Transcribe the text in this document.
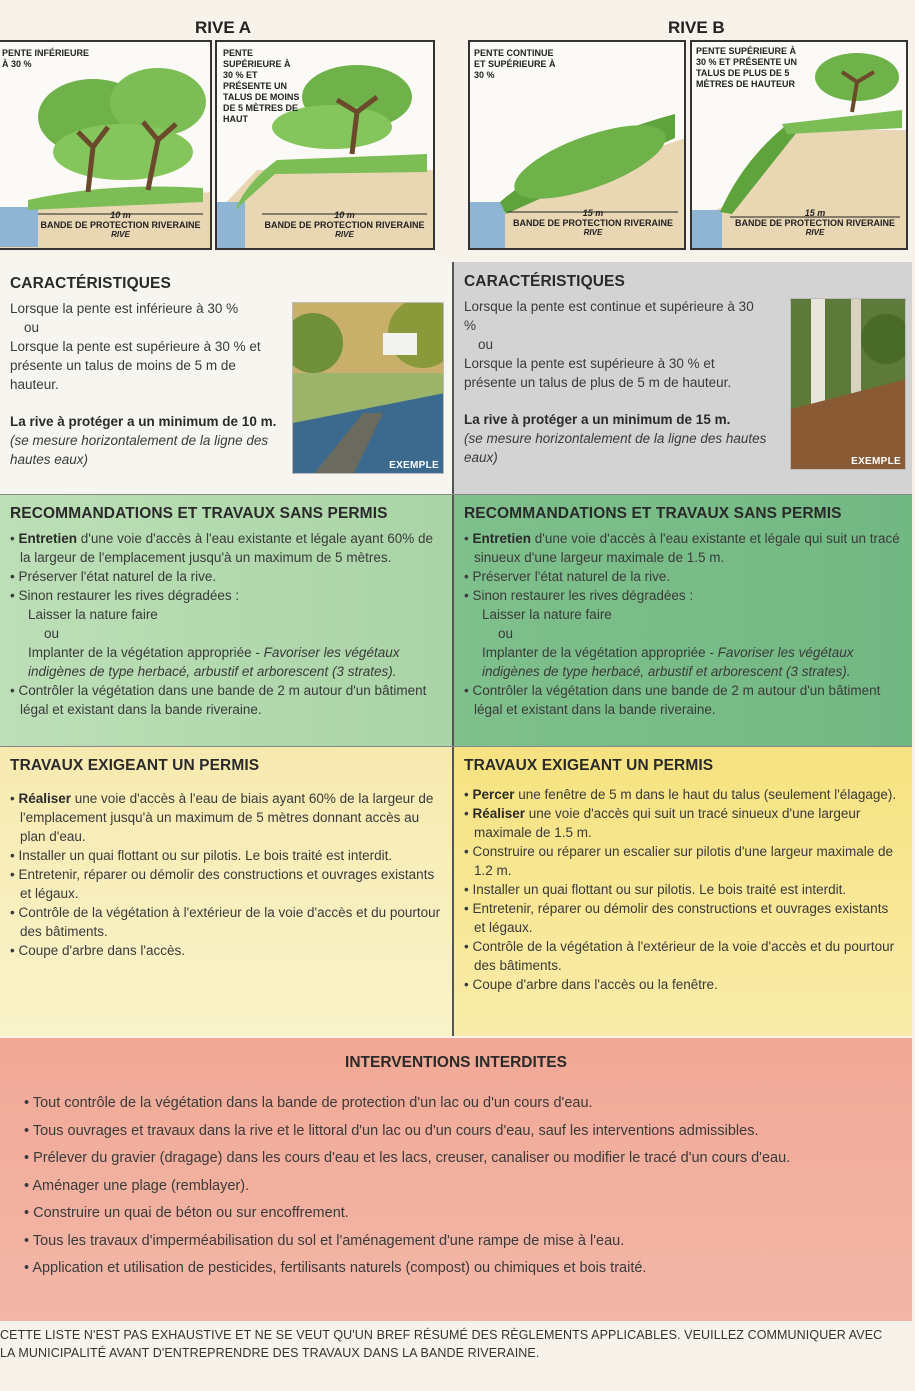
RIVE A	RIVE B
PENTE INFÉRIEURE À 30 %
10 m
BANDE DE PROTECTION RIVERAINE
RIVE
PENTE SUPÉRIEURE À 30 % ET PRÉSENTE UN TALUS DE MOINS DE 5 MÈTRES DE HAUT
10 m
BANDE DE PROTECTION RIVERAINE
RIVE
PENTE CONTINUE ET SUPÉRIEURE À 30 %
15 m
BANDE DE PROTECTION RIVERAINE
RIVE
PENTE SUPÉRIEURE À 30 % ET PRÉSENTE UN TALUS DE PLUS DE 5 MÈTRES DE HAUTEUR
15 m
BANDE DE PROTECTION RIVERAINE
RIVE
CARACTÉRISTIQUES

Lorsque la pente est inférieure à 30 %

ou

Lorsque la pente est supérieure à 30 % et présente un talus de moins de 5 m de hauteur.

La rive à protéger a un minimum de 10 m.

(se mesure horizontalement de la ligne des hautes eaux)	EXEMPLE
CARACTÉRISTIQUES

Lorsque la pente est continue et supérieure à 30 %

ou

Lorsque la pente est supérieure à 30 % et présente un talus de plus de 5 m de hauteur.

La rive à protéger a un minimum de 15 m.

(se mesure horizontalement de la ligne des hautes eaux)	EXEMPLE
RECOMMANDATIONS ET TRAVAUX SANS PERMIS
• Entretien d'une voie d'accès à l'eau existante et légale ayant 60% de la largeur de l'emplacement jusqu'à un maximum de 5 mètres.
• Préserver l'état naturel de la rive.
• Sinon restaurer les rives dégradées :

Laisser la nature faire

ou

Implanter de la végétation appropriée - Favoriser les végétaux indigènes de type herbacé, arbustif et arborescent (3 strates).

• Contrôler la végétation dans une bande de 2 m autour d'un bâtiment légal et existant dans la bande riveraine.
RECOMMANDATIONS ET TRAVAUX SANS PERMIS
• Entretien d'une voie d'accès à l'eau existante et légale qui suit un tracé sinueux d'une largeur maximale de 1.5 m.
• Préserver l'état naturel de la rive.
• Sinon restaurer les rives dégradées :

Laisser la nature faire

ou

Implanter de la végétation appropriée - Favoriser les végétaux indigènes de type herbacé, arbustif et arborescent (3 strates).

• Contrôler la végétation dans une bande de 2 m autour d'un bâtiment légal et existant dans la bande riveraine.
TRAVAUX EXIGEANT UN PERMIS
• Réaliser une voie d'accès à l'eau de biais ayant 60% de la largeur de l'emplacement jusqu'à un maximum de 5 mètres donnant accès au plan d'eau.
• Installer un quai flottant ou sur pilotis. Le bois traité est interdit.
• Entretenir, réparer ou démolir des constructions et ouvrages existants et légaux.
• Contrôle de la végétation à l'extérieur de la voie d'accès et du pourtour des bâtiments.
• Coupe d'arbre dans l'accès.
TRAVAUX EXIGEANT UN PERMIS
• Percer une fenêtre de 5 m dans le haut du talus (seulement l'élagage).
• Réaliser une voie d'accès qui suit un tracé sinueux d'une largeur maximale de 1.5 m.
• Construire ou réparer un escalier sur pilotis d'une largeur maximale de 1.2 m.
• Installer un quai flottant ou sur pilotis. Le bois traité est interdit.
• Entretenir, réparer ou démolir des constructions et ouvrages existants et légaux.
• Contrôle de la végétation à l'extérieur de la voie d'accès et du pourtour des bâtiments.
• Coupe d'arbre dans l'accès ou la fenêtre.
INTERVENTIONS INTERDITES
• Tout contrôle de la végétation dans la bande de protection d'un lac ou d'un cours d'eau.
• Tous ouvrages et travaux dans la rive et le littoral d'un lac ou d'un cours d'eau, sauf les interventions admissibles.
• Prélever du gravier (dragage) dans les cours d'eau et les lacs, creuser, canaliser ou modifier le tracé d'un cours d'eau.
• Aménager une plage (remblayer).
• Construire un quai de béton ou sur encoffrement.
• Tous les travaux d'imperméabilisation du sol et l'aménagement d'une rampe de mise à l'eau.
• Application et utilisation de pesticides, fertilisants naturels (compost) ou chimiques et bois traité.
CETTE LISTE N'EST PAS EXHAUSTIVE ET NE SE VEUT QU'UN BREF RÉSUMÉ DES RÈGLEMENTS APPLICABLES. VEUILLEZ COMMUNIQUER AVEC
LA MUNICIPALITÉ AVANT D'ENTREPRENDRE DES TRAVAUX DANS LA BANDE RIVERAINE.
